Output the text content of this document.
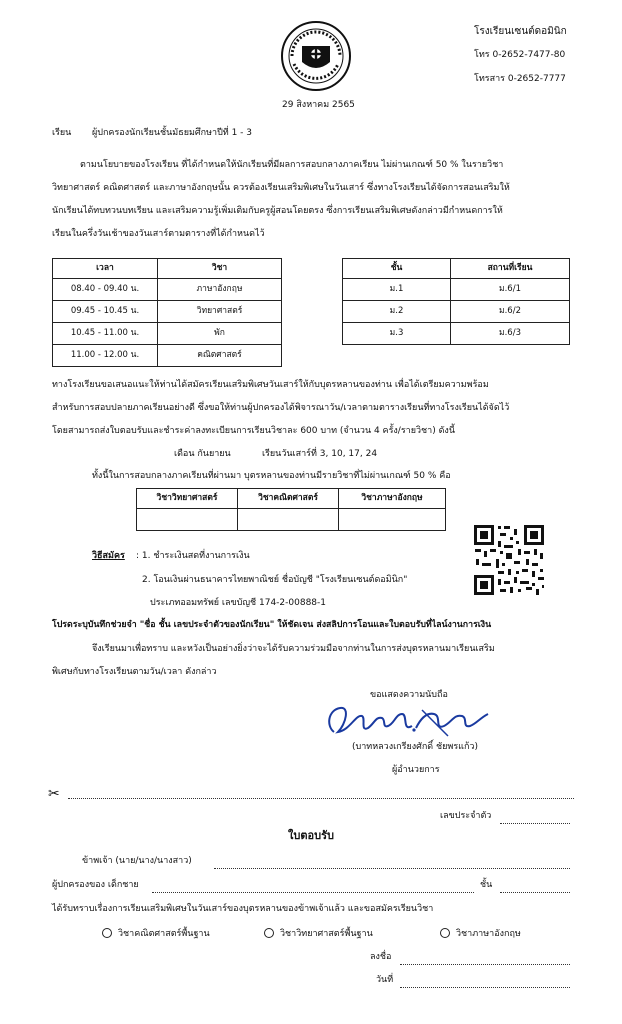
โรงเรียนเซนต์ดอมินิก
โทร 0-2652-7477-80
โทรสาร 0-2652-7777
29 สิงหาคม 2565
เรียน ผู้ปกครองนักเรียนชั้นมัธยมศึกษาปีที่ 1 - 3
ตามนโยบายของโรงเรียน ที่ได้กำหนดให้นักเรียนที่มีผลการสอบกลางภาคเรียน ไม่ผ่านเกณฑ์ 50 % ในรายวิชา
วิทยาศาสตร์ คณิตศาสตร์ และภาษาอังกฤษนั้น ควรต้องเรียนเสริมพิเศษในวันเสาร์ ซึ่งทางโรงเรียนได้จัดการสอนเสริมให้
นักเรียนได้ทบทวนบทเรียน และเสริมความรู้เพิ่มเติมกับครูผู้สอนโดยตรง ซึ่งการเรียนเสริมพิเศษดังกล่าวมีกำหนดการให้
เรียนในครึ่งวันเช้าของวันเสาร์ตามตารางที่ได้กำหนดไว้
เวลา	วิชา
08.40 - 09.40 น.	ภาษาอังกฤษ
09.45 - 10.45 น.	วิทยาศาสตร์
10.45 - 11.00 น.	พัก
11.00 - 12.00 น.	คณิตศาสตร์
ชั้น	สถานที่เรียน
ม.1	ม.6/1
ม.2	ม.6/2
ม.3	ม.6/3
ทางโรงเรียนขอเสนอแนะให้ท่านได้สมัครเรียนเสริมพิเศษวันเสาร์ให้กับบุตรหลานของท่าน เพื่อได้เตรียมความพร้อม
สำหรับการสอบปลายภาคเรียนอย่างดี ซึ่งขอให้ท่านผู้ปกครองได้พิจารณาวัน/เวลาตามตารางเรียนที่ทางโรงเรียนได้จัดไว้
โดยสามารถส่งใบตอบรับและชำระค่าลงทะเบียนการเรียนวิชาละ 600 บาท (จำนวน 4 ครั้ง/รายวิชา) ดังนี้
เดือน กันยายน	เรียนวันเสาร์ที่ 3, 10, 17, 24
ทั้งนี้ในการสอบกลางภาคเรียนที่ผ่านมา บุตรหลานของท่านมีรายวิชาที่ไม่ผ่านเกณฑ์ 50 % คือ
วิชาวิทยาศาสตร์	วิชาคณิตศาสตร์	วิชาภาษาอังกฤษ

วิธีสมัคร : 1. ชำระเงินสดที่งานการเงิน
2. โอนเงินผ่านธนาคารไทยพาณิชย์ ชื่อบัญชี "โรงเรียนเซนต์ดอมินิก"
ประเภทออมทรัพย์ เลขบัญชี 174-2-00888-1
โปรดระบุบันทึกช่วยจำ "ชื่อ ชั้น เลขประจำตัวของนักเรียน" ให้ชัดเจน ส่งสลิปการโอนและใบตอบรับที่ไลน์งานการเงิน
จึงเรียนมาเพื่อทราบ และหวังเป็นอย่างยิ่งว่าจะได้รับความร่วมมือจากท่านในการส่งบุตรหลานมาเรียนเสริม
พิเศษกับทางโรงเรียนตามวัน/เวลา ดังกล่าว
ขอแสดงความนับถือ
(บาทหลวงเกรียงศักดิ์ ชัยพรแก้ว)
ผู้อำนวยการ
✂
เลขประจำตัว
ใบตอบรับ
ข้าพเจ้า (นาย/นาง/นางสาว)
ผู้ปกครองของ เด็กชาย	ชั้น
ได้รับทราบเรื่องการเรียนเสริมพิเศษในวันเสาร์ของบุตรหลานของข้าพเจ้าแล้ว และขอสมัครเรียนวิชา
วิชาคณิตศาสตร์พื้นฐาน	วิชาวิทยาศาสตร์พื้นฐาน	วิชาภาษาอังกฤษ
ลงชื่อ
วันที่
